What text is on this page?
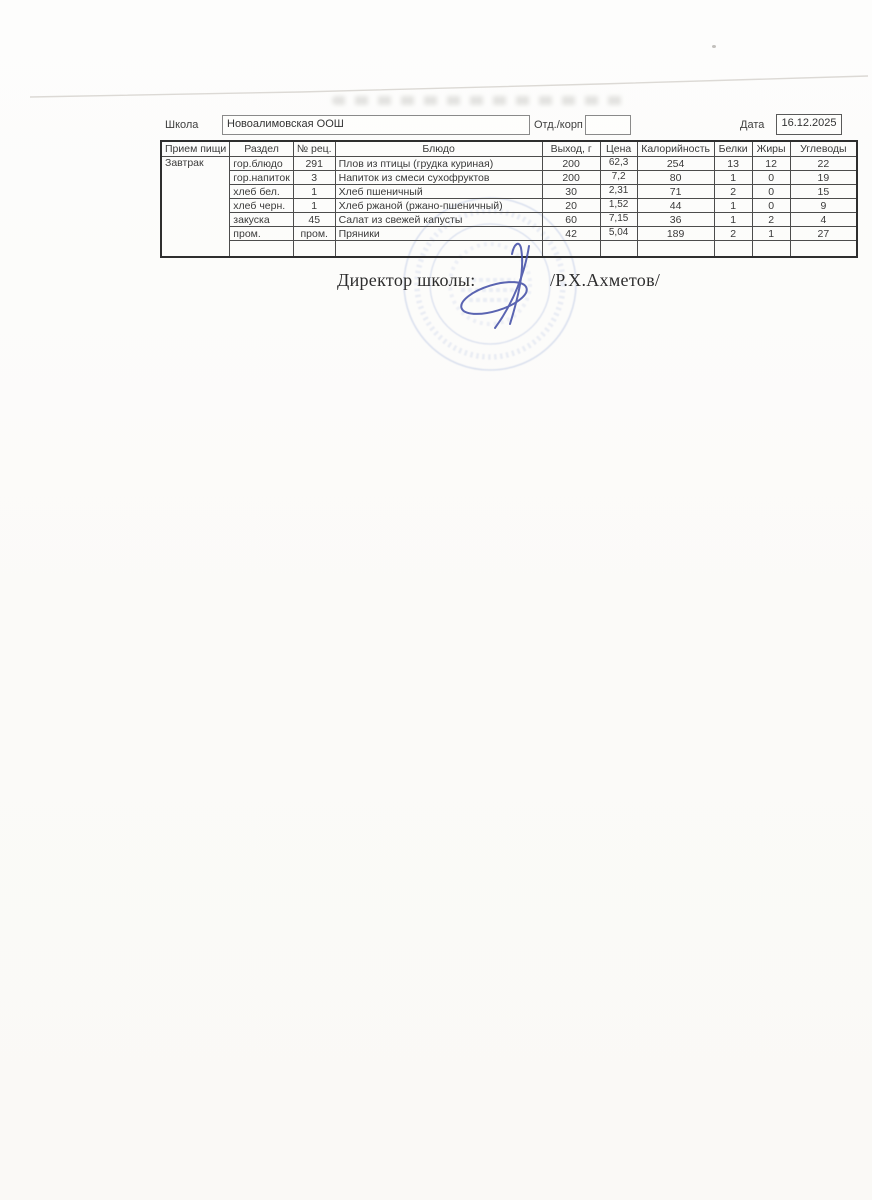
Школа	Новоалимовская ООШ	Отд./корп	Дата	16.12.2025
Прием пищи	Раздел	№ рец.	Блюдо	Выход, г	Цена	Калорийность	Белки	Жиры	Углеводы
Завтрак	гор.блюдо	291	Плов из птицы (грудка куриная)	200	62,3	254	13	12	22
	гор.напиток	3	Напиток из смеси сухофруктов	200	7,2	80	1	0	19
	хлеб бел.	1	Хлеб пшеничный	30	2,31	71	2	0	15
	хлеб черн.	1	Хлеб ржаной (ржано-пшеничный)	20	1,52	44	1	0	9
	закуска	45	Салат из свежей капусты	60	7,15	36	1	2	4
	пром.	пром.	Пряники	42	5,04	189	2	1	27

Директор школы:	/Р.Х.Ахметов/
